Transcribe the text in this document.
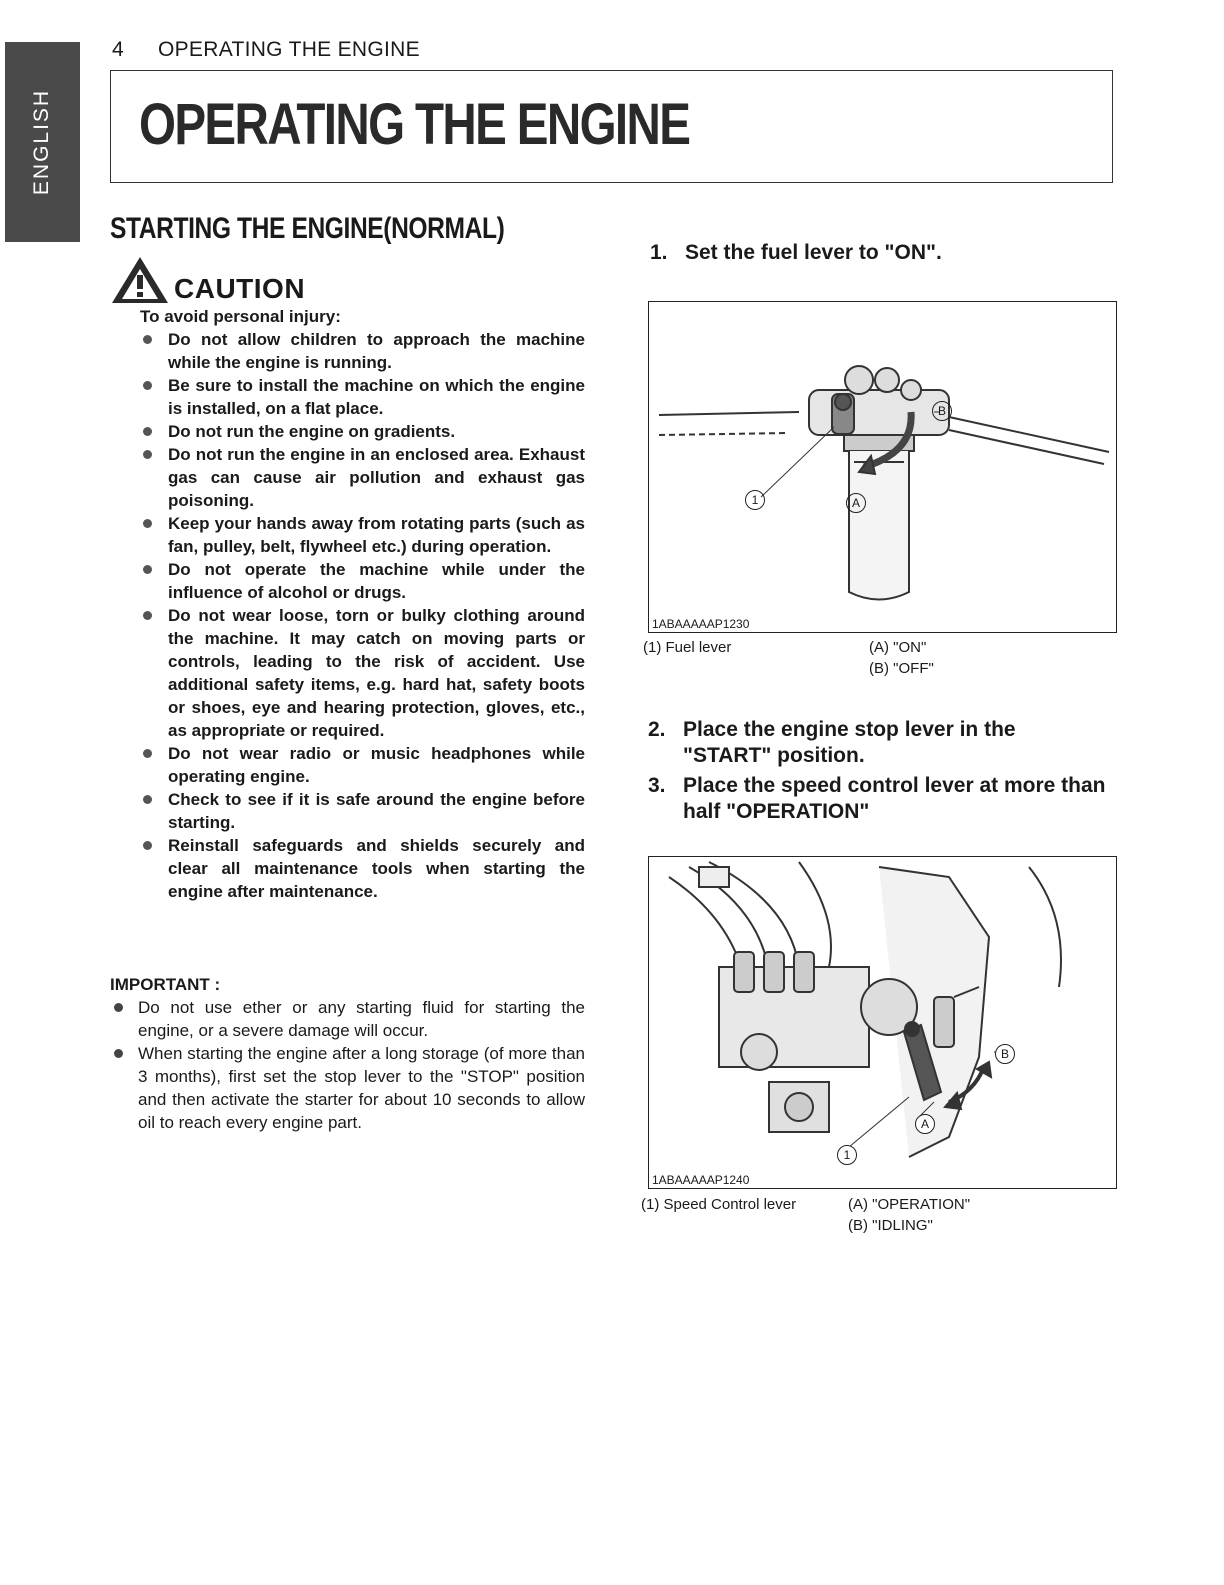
ENGLISH
4 OPERATING THE ENGINE
OPERATING THE ENGINE
STARTING THE ENGINE(NORMAL)
CAUTION

To avoid personal injury:

Do not allow children to approach the machine while the engine is running.
Be sure to install the machine on which the engine is installed, on a flat place.
Do not run the engine on gradients.
Do not run the engine in an enclosed area. Exhaust gas can cause air pollution and exhaust gas poisoning.
Keep your hands away from rotating parts (such as fan, pulley, belt, flywheel etc.) during operation.
Do not operate the machine while under the influence of alcohol or drugs.
Do not wear loose, torn or bulky clothing around the machine. It may catch on moving parts or controls, leading to the risk of accident. Use additional safety items, e.g. hard hat, safety boots or shoes, eye and hearing protection, gloves, etc., as appropriate or required.
Do not wear radio or music headphones while operating engine.
Check to see if it is safe around the engine before starting.
Reinstall safeguards and shields securely and clear all maintenance tools when starting the engine after maintenance.

IMPORTANT :

Do not use ether or any starting fluid for starting the engine, or a severe damage will occur.
When starting the engine after a long storage (of more than 3 months), first set the stop lever to the "STOP" position and then activate the starter for about 10 seconds to allow oil to reach every engine part.
1. Set the fuel lever to "ON".
1	A
B
1ABAAAAAP1230
(1) Fuel lever	(A) "ON"
(B) "OFF"
2. Place the engine stop lever in the "START" position.
3. Place the speed control lever at more than half "OPERATION"
1
A
B
1ABAAAAAP1240
(1) Speed Control lever	(A) "OPERATION"
(B) "IDLING"
